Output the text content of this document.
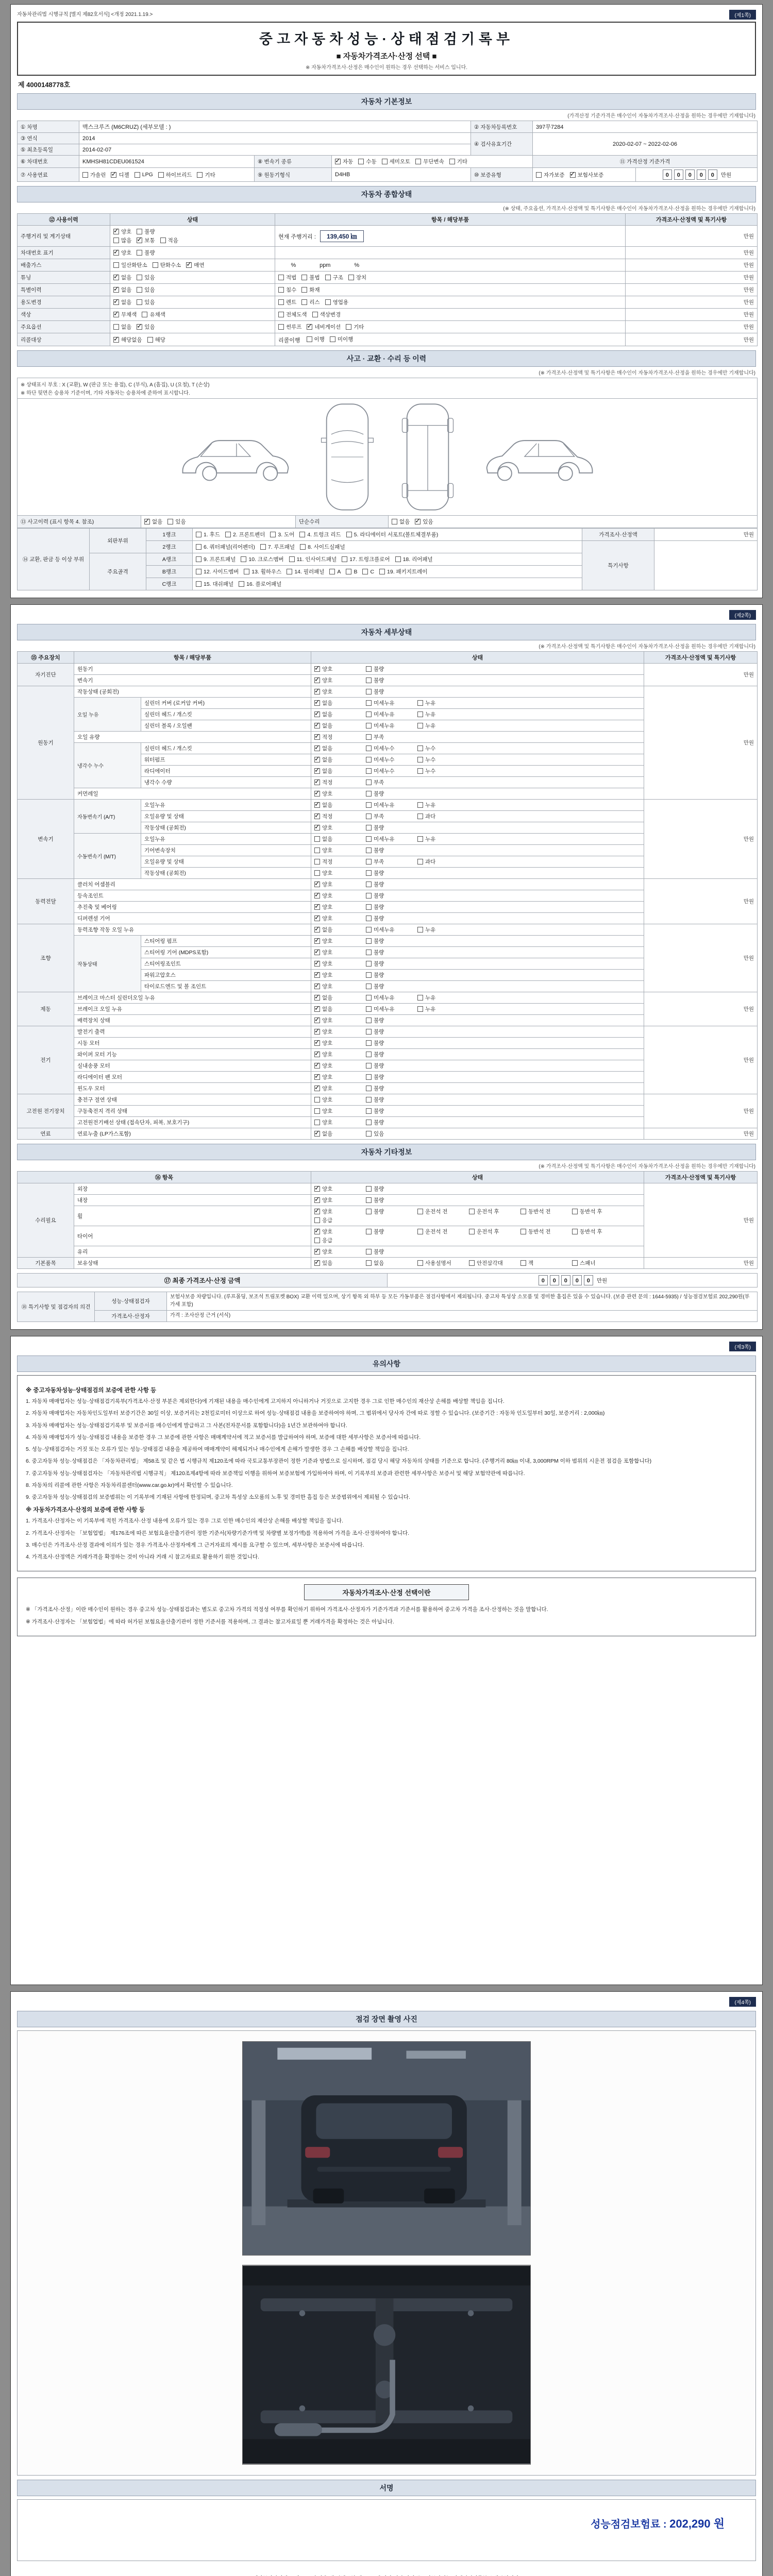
자동차관리법 시행규칙 [별지 제82호서식] <개정 2021.1.19.>	(제1쪽)
중고자동차성능·상태점검기록부
■ 자동차가격조사·산정 선택 ■
※ 자동차가격조사·산정은 매수인이 원하는 경우 선택하는 서비스 입니다.
제 4000148778호
자동차 기본정보
(가격산정 기준가격은 매수인이 자동차가격조사·산정을 원하는 경우에만 기재합니다)
① 차명	맥스크루즈 (M6CRUZ) (세부모델 : )			② 자동차등록번호	397무7284	
③ 연식	2014			④ 검사유효기간	2020-02-07 ~ 2022-02-06	
⑤ 최초등록일	2014-02-07					
⑥ 차대번호	KMHSH81CDEU061524	⑧ 변속기 종류	
✓자동 수동 세미오토 무단변속 기타		⑪ 가격산정 기준가격	
⑦ 사용연료	가솔린 ✓ 디젤 LPG 하이브리드 기타	⑨ 원동기형식	D4HB	⑩ 보증유형	자가보증 ✓ 보험사보증	0 0 0 0 0 만원
자동차 종합상태
(※ 상태, 주요옵션, 가격조사·산정액 및 특기사항은 매수인이 자동차가격조사·산정을 원하는 경우에만 기재합니다)
⑫ 사용이력	상태	항목 / 해당부품	가격조사·산정액 및 특기사항
주행거리 및 계기상태	
✓
양호 불량
많음 ✓ 보통 적음	현재 주행거리 : 139,450 ㎞	만원
차대번호 표기	
✓양호 불량		만원
배출가스	일산화탄소 탄화수소 ✓ 매연	%               ppm               %	만원
튜닝	
✓없음 있음	적법 불법 구조 장치	만원
특별이력	
✓없음 있음	침수 화재	만원
용도변경	
✓없음 있음	렌트 리스 영업용	만원
색상	
✓무채색 유채색	전체도색 색상변경	만원
주요옵션	없음 ✓ 있음	썬루프 ✓ 네비게이션 기타	만원
리콜대상	
✓해당없음 해당	리콜이행 이행 미이행	만원
사고 · 교환 · 수리 등 이력
(※ 가격조사·산정액 및 특기사항은 매수인이 자동차가격조사·산정을 원하는 경우에만 기재합니다)
※ 상태표시 부호 : X (교환), W (판금 또는 용접), C (부식), A (흠집), U (요철), T (손상)
※ 하단 뒷면은 승용차 기준이며, 기타 자동차는 승용차에 준하여 표시합니다.

⑬ 사고이력 (표시 항목 4. 참조)	
✓없음 있음	단순수리	없음 ✓ 있음
⑭ 교환, 판금 등 이상 부위	외판부위	1랭크	1. 후드 2. 프론트펜더 3. 도어 4. 트렁크 리드 5. 라디에이터 서포트(볼트체결부품)	가격조사·산정액	만원
		2랭크	6. 쿼터패널(리어펜더) 7. 루프패널 8. 사이드실패널	특기사항	
	주요골격	A랭크	9. 프론트패널 10. 크로스멤버 11. 인사이드패널 17. 트렁크플로어 18. 리어패널		

B랭크	12. 사이드멤버 13. 휠하우스 14. 필러패널 A B C 19. 패키지트레이

		C랭크	15. 대쉬패널 16. 플로어패널		
(제2쪽)
자동차 세부상태
(※ 가격조사·산정액 및 특기사항은 매수인이 자동차가격조사·산정을 원하는 경우에만 기재합니다)
⑮ 주요장치	항목 / 해당부품		상태	가격조사·산정액 및 특기사항
자기진단	원동기	
✓양호 불량	만원
	변속기	
✓양호 불량

원동기	작동상태 (공회전)	
✓양호 불량	만원
	오일 누유	실린더 커버 (로커암 커버)	
✓없음 미세누유 누유

		실린더 헤드 / 개스킷	
✓없음 미세누유 누유

		실린더 블록 / 오일팬	
✓없음 미세누유 누유

	오일 유량	
✓적정 부족

	냉각수 누수	실린더 헤드 / 개스킷	
✓없음 미세누수 누수

		워터펌프	
✓없음 미세누수 누수

		라디에이터	
✓없음 미세누수 누수

		냉각수 수량	
✓적정 부족

	커먼레일	
✓양호 불량

변속기	자동변속기 (A/T)	오일누유	
✓없음 미세누유 누유	만원
		오일유량 및 상태	
✓적정 부족 과다

		작동상태 (공회전)	
✓양호 불량

	수동변속기 (M/T)	오일누유	없음 미세누유 누유	

		기어변속장치	양호 불량	

		오일유량 및 상태	적정 부족 과다	

		작동상태 (공회전)	양호 불량	

동력전달	클러치 어셈블리	
✓양호 불량	만원
	등속조인트	
✓양호 불량

	추진축 및 베어링	
✓양호 불량

	디퍼렌셜 기어	
✓양호 불량

조향	동력조향 작동 오일 누유	
✓없음 미세누유 누유	만원
	작동상태	스티어링 펌프	
✓양호 불량

		스티어링 기어 (MDPS포함)	
✓양호 불량

		스티어링조인트	
✓양호 불량

		파워고압호스	
✓양호 불량

		타이로드엔드 및 볼 조인트	
✓양호 불량

제동	브레이크 마스터 실린더오일 누유	
✓없음 미세누유 누유	만원
	브레이크 오일 누유	
✓없음 미세누유 누유

	배력장치 상태	
✓양호 불량

전기	발전기 출력	
✓양호 불량	만원
	시동 모터	
✓양호 불량

	와이퍼 모터 기능	
✓양호 불량

	실내송풍 모터	
✓양호 불량

	라디에이터 팬 모터	
✓양호 불량

	윈도우 모터	
✓양호 불량

고전원 전기장치	충전구 절연 상태		양호 불량	만원
	구동축전지 격리 상태		양호 불량	

	고전원전기배선 상태 (접속단자, 피복, 보호기구)		양호 불량	

연료	연료누출 (LP가스포함)	
✓없음 있음	만원
자동차 기타정보
(※ 가격조사·산정액 및 특기사항은 매수인이 자동차가격조사·산정을 원하는 경우에만 기재합니다)
⑯ 항목		상태	가격조사·산정액 및 특기사항
수리필요	외장	
✓양호 불량	만원
	내장	
✓양호 불량

휠	
✓
양호	불량	운전석 전	운전석 후	동반석 전	동반석 후
응급

타이어	
✓
양호	불량	운전석 전	운전석 후	동반석 전	동반석 후
응급

	유리	
✓양호 불량

기본품목	보유상태	
✓있음	없음	사용설명서	안전삼각대	잭	스패너	만원
⑰ 최종 가격조사·산정 금액	0 0 0 0 0 만원
⑱ 특기사항 및 점검자의 의견	성능·상태점검자	보험사보증 차량입니다. (루프몰딩, 보조석 트림포켓 BOX) 교환 이력 있으며, 상기 항목 외 하부 등 모든 가동부품은 점검사항에서 제외됩니다. 중고차 특성상 소모품 및 경미한 흠집은 있을 수 있습니다. (보증 관련 문의 : 1644-5935) / 성능점검보험료 202,290원(부가세 포함)
	가격조사·산정자	가격 : 조사산정 근거 (서식)
(제3쪽)
유의사항
※ 중고자동차성능·상태점검의 보증에 관한 사항 등
1. 자동차 매매업자는 성능·상태점검기록부(가격조사·산정 부분은 제외한다)에 기재된 내용을 매수인에게 고지하지 아니하거나 거짓으로 고지한 경우 그로 인한 매수인의 재산상 손해를 배상할 책임을 집니다.
2. 자동차 매매업자는 자동차인도일부터 보증기간은 30일 이상, 보증거리는 2천킬로미터 이상으로 하여 성능·상태점검 내용을 보증하여야 하며, 그 범위에서 당사자 간에 따로 정할 수 있습니다. (보증기간 : 자동차 인도일부터 30일, 보증거리 : 2,000㎞)
3. 자동차 매매업자는 성능·상태점검기록부 및 보증서를 매수인에게 발급하고 그 사본(전자문서를 포함합니다)을 1년간 보관하여야 합니다.
4. 자동차 매매업자가 성능·상태점검 내용을 보증한 경우 그 보증에 관한 사항은 매매계약서에 적고 보증서를 발급하여야 하며, 보증에 대한 세부사항은 보증서에 따릅니다.
5. 성능·상태점검자는 거짓 또는 오류가 있는 성능·상태점검 내용을 제공하여 매매계약이 해제되거나 매수인에게 손해가 발생한 경우 그 손해를 배상할 책임을 집니다.
6. 중고자동차 성능·상태점검은 「자동차관리법」 제58조 및 같은 법 시행규칙 제120조에 따라 국토교통부장관이 정한 기준과 방법으로 실시하며, 점검 당시 해당 자동차의 상태를 기준으로 합니다. (주행거리 80㎞ 이내, 3,000RPM 이하 범위의 시운전 점검을 포함합니다)
7. 중고자동차 성능·상태점검자는 「자동차관리법 시행규칙」 제120조제4항에 따라 보증책임 이행을 위하여 보증보험에 가입하여야 하며, 이 기록부의 보증과 관련한 세부사항은 보증서 및 해당 보험약관에 따릅니다.
8. 자동차의 리콜에 관한 사항은 자동차리콜센터(www.car.go.kr)에서 확인할 수 있습니다.
9. 중고자동차 성능·상태점검의 보증범위는 이 기록부에 기재된 사항에 한정되며, 중고차 특성상 소모품의 노후 및 경미한 흠집 등은 보증범위에서 제외될 수 있습니다.
※ 자동차가격조사·산정의 보증에 관한 사항 등
1. 가격조사·산정자는 이 기록부에 적힌 가격조사·산정 내용에 오류가 있는 경우 그로 인한 매수인의 재산상 손해를 배상할 책임을 집니다.
2. 가격조사·산정자는 「보험업법」 제176조에 따른 보험요율산출기관이 정한 기준서(차량기준가액 및 차량별 보정가액)를 적용하여 가격을 조사·산정하여야 합니다.
3. 매수인은 가격조사·산정 결과에 이의가 있는 경우 가격조사·산정자에게 그 근거자료의 제시를 요구할 수 있으며, 세부사항은 보증서에 따릅니다.
4. 가격조사·산정액은 거래가격을 확정하는 것이 아니라 거래 시 참고자료로 활용하기 위한 것입니다.
자동차가격조사·산정 선택이란
※ 「가격조사·산정」이란 매수인이 원하는 경우 중고차 성능·상태점검과는 별도로 중고차 가격의 적정성 여부를 확인하기 위하여 가격조사·산정자가 기준가격과 기준서를 활용하여 중고차 가격을 조사·산정하는 것을 말합니다.
※ 가격조사·산정자는 「보험업법」에 따라 허가된 보험요율산출기관이 정한 기준서를 적용하며, 그 결과는 참고자료일 뿐 거래가격을 확정하는 것은 아닙니다.
(제4쪽)
점검 장면 촬영 사진
서명
성능점검보험료 : 202,290 원
